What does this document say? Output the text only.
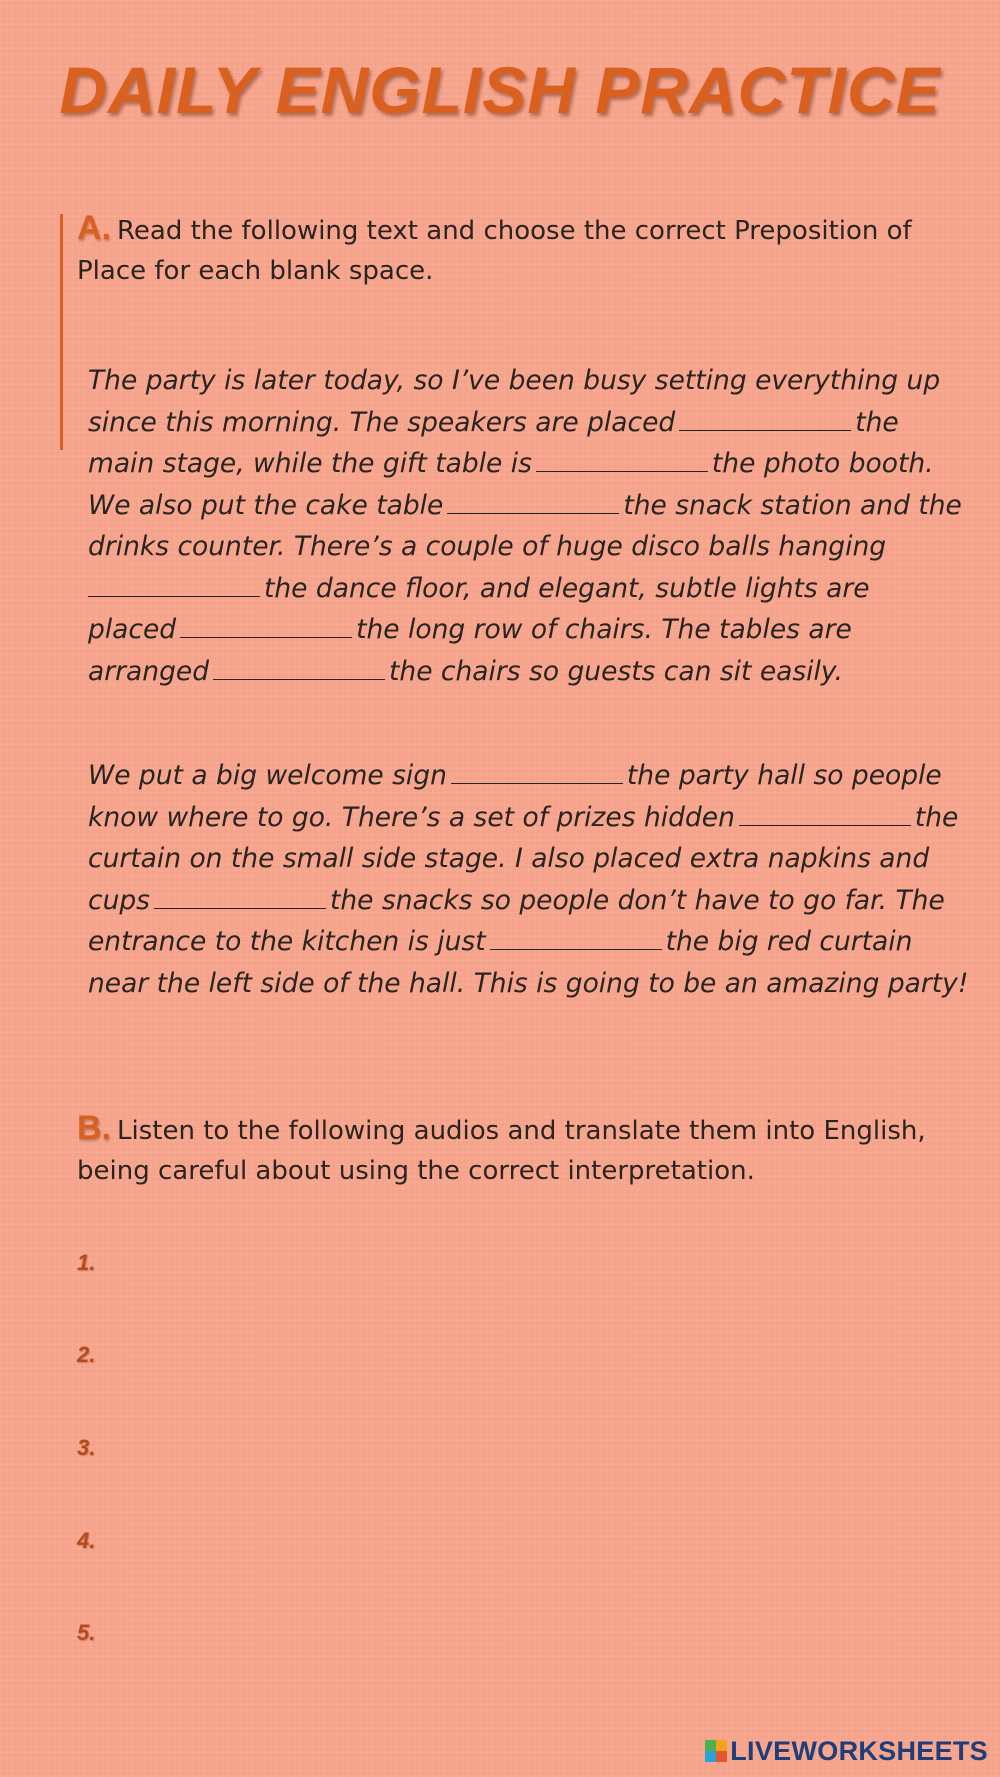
DAILY ENGLISH PRACTICE
A. Read the following text and choose the correct Preposition of
Place for each blank space.
The party is later today, so I’ve been busy setting everything up
since this morning. The speakers are placed	the
main stage, while the gift table is	the photo booth.
We also put the cake table	the snack station and the
drinks counter. There’s a couple of huge disco balls hanging
the dance floor, and elegant, subtle lights are
placed	the long row of chairs. The tables are
arranged	the chairs so guests can sit easily.
We put a big welcome sign	the party hall so people
know where to go. There’s a set of prizes hidden	the
curtain on the small side stage. I also placed extra napkins and
cups	the snacks so people don’t have to go far. The
entrance to the kitchen is just	the big red curtain
near the left side of the hall. This is going to be an amazing party!
B. Listen to the following audios and translate them into English,
being careful about using the correct interpretation.
1.
2.
3.
4.
5.
LIVEWORKSHEETS
